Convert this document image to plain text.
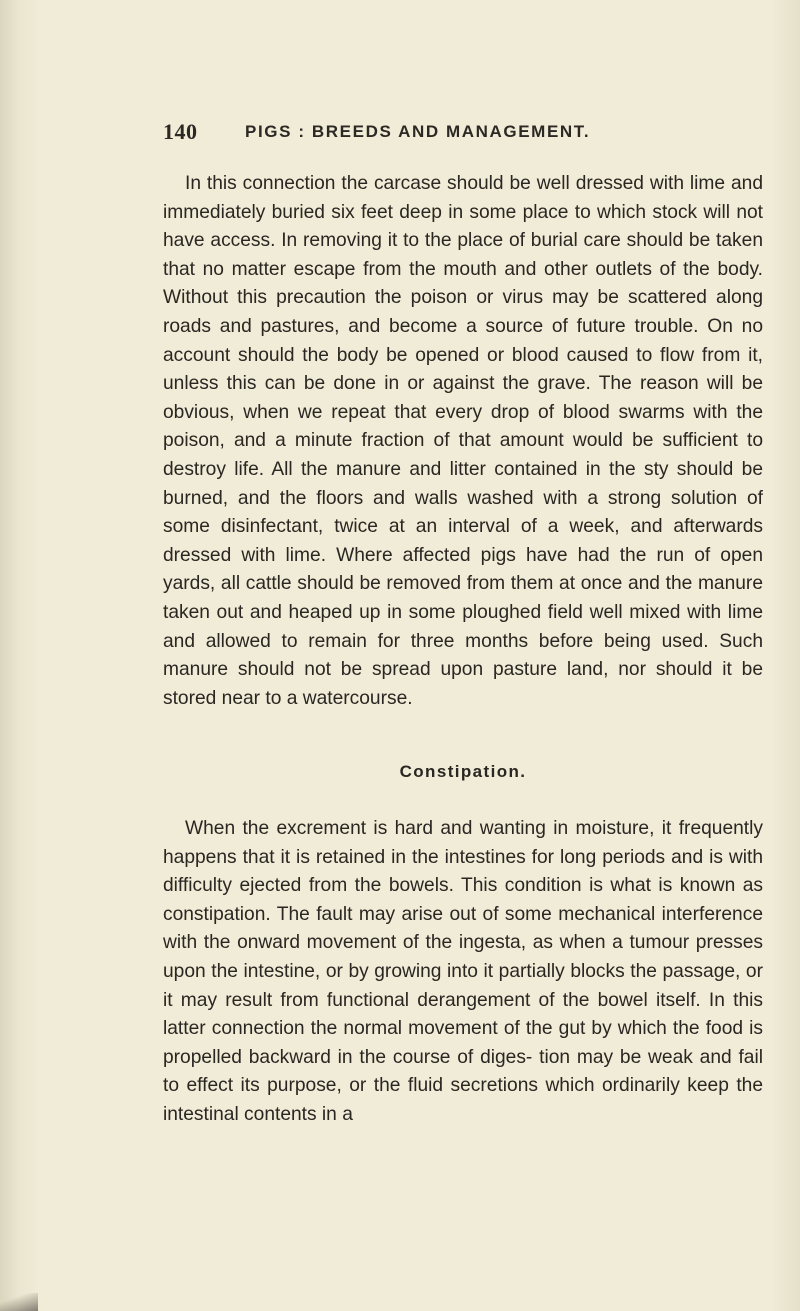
140	PIGS : BREEDS AND MANAGEMENT.

In this connection the carcase should be well dressed with lime and immediately buried six feet deep in some place to which stock will not have access. In removing it to the place of burial care should be taken that no matter escape from the mouth and other outlets of the body. Without this precaution the poison or virus may be scattered along roads and pastures, and become a source of future trouble. On no account should the body be opened or blood caused to flow from it, unless this can be done in or against the grave. The reason will be obvious, when we repeat that every drop of blood swarms with the poison, and a minute fraction of that amount would be sufficient to destroy life. All the manure and litter contained in the sty should be burned, and the floors and walls washed with a strong solution of some disinfectant, twice at an interval of a week, and afterwards dressed with lime. Where affected pigs have had the run of open yards, all cattle should be removed from them at once and the manure taken out and heaped up in some ploughed field well mixed with lime and allowed to remain for three months before being used. Such manure should not be spread upon pasture land, nor should it be stored near to a watercourse.

Constipation.

When the excrement is hard and wanting in moisture, it frequently happens that it is retained in the intestines for long periods and is with difficulty ejected from the bowels. This condition is what is known as constipation. The fault may arise out of some mechanical interference with the onward movement of the ingesta, as when a tumour presses upon the intestine, or by growing into it partially blocks the passage, or it may result from functional derangement of the bowel itself. In this latter connection the normal movement of the gut by which the food is propelled backward in the course of diges- tion may be weak and fail to effect its purpose, or the fluid secretions which ordinarily keep the intestinal contents in a
